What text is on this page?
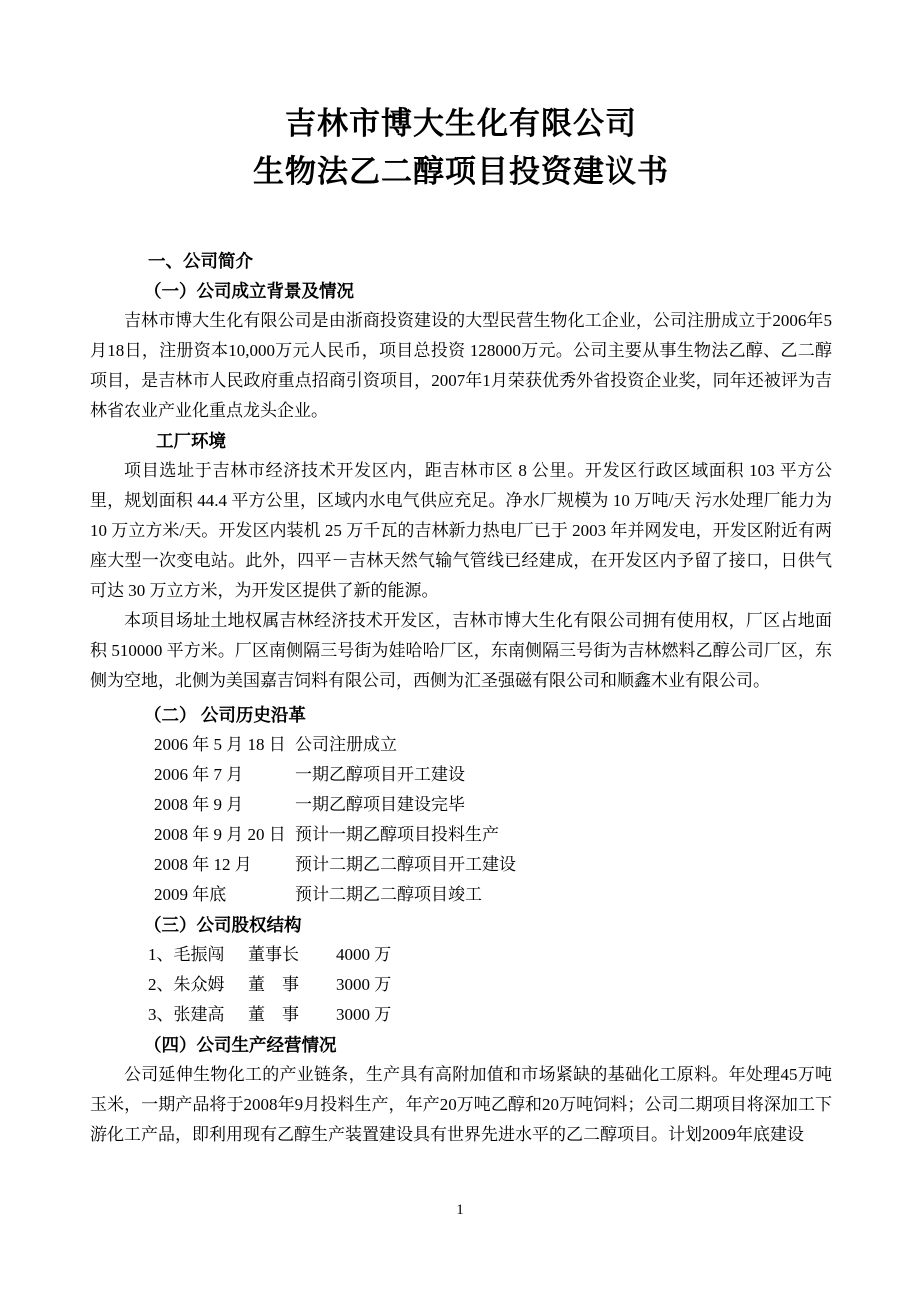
吉林市博大生化有限公司
生物法乙二醇项目投资建议书
一、公司简介
（一）公司成立背景及情况

吉林市博大生化有限公司是由浙商投资建设的大型民营生物化工企业，公司注册成立于2006年5月18日，注册资本10,000万元人民币，项目总投资 128000万元。公司主要从事生物法乙醇、乙二醇项目，是吉林市人民政府重点招商引资项目，2007年1月荣获优秀外省投资企业奖，同年还被评为吉林省农业产业化重点龙头企业。

工厂环境

项目选址于吉林市经济技术开发区内，距吉林市区 8 公里。开发区行政区域面积 103 平方公里，规划面积 44.4 平方公里，区域内水电气供应充足。净水厂规模为 10 万吨/天 污水处理厂能力为 10 万立方米/天。开发区内装机 25 万千瓦的吉林新力热电厂已于 2003 年并网发电，开发区附近有两座大型一次变电站。此外，四平－吉林天然气输气管线已经建成，在开发区内予留了接口，日供气可达 30 万立方米，为开发区提供了新的能源。

本项目场址土地权属吉林经济技术开发区，吉林市博大生化有限公司拥有使用权，厂区占地面积 510000 平方米。厂区南侧隔三号街为娃哈哈厂区，东南侧隔三号街为吉林燃料乙醇公司厂区，东侧为空地，北侧为美国嘉吉饲料有限公司，西侧为汇圣强磁有限公司和顺鑫木业有限公司。

（二） 公司历史沿革
2006 年 5 月 18 日 公司注册成立
2006 年 7 月	一期乙醇项目开工建设
2008 年 9 月	一期乙醇项目建设完毕
2008 年 9 月 20 日 预计一期乙醇项目投料生产
2008 年 12 月	预计二期乙二醇项目开工建设
2009 年底	预计二期乙二醇项目竣工
（三）公司股权结构
1、毛振闯	董事长	4000 万
2、朱众姆	董　事	3000 万
3、张建高	董　事	3000 万
（四）公司生产经营情况

公司延伸生物化工的产业链条，生产具有高附加值和市场紧缺的基础化工原料。年处理45万吨玉米，一期产品将于2008年9月投料生产，年产20万吨乙醇和20万吨饲料；公司二期项目将深加工下游化工产品，即利用现有乙醇生产装置建设具有世界先进水平的乙二醇项目。计划2009年底建设

1
